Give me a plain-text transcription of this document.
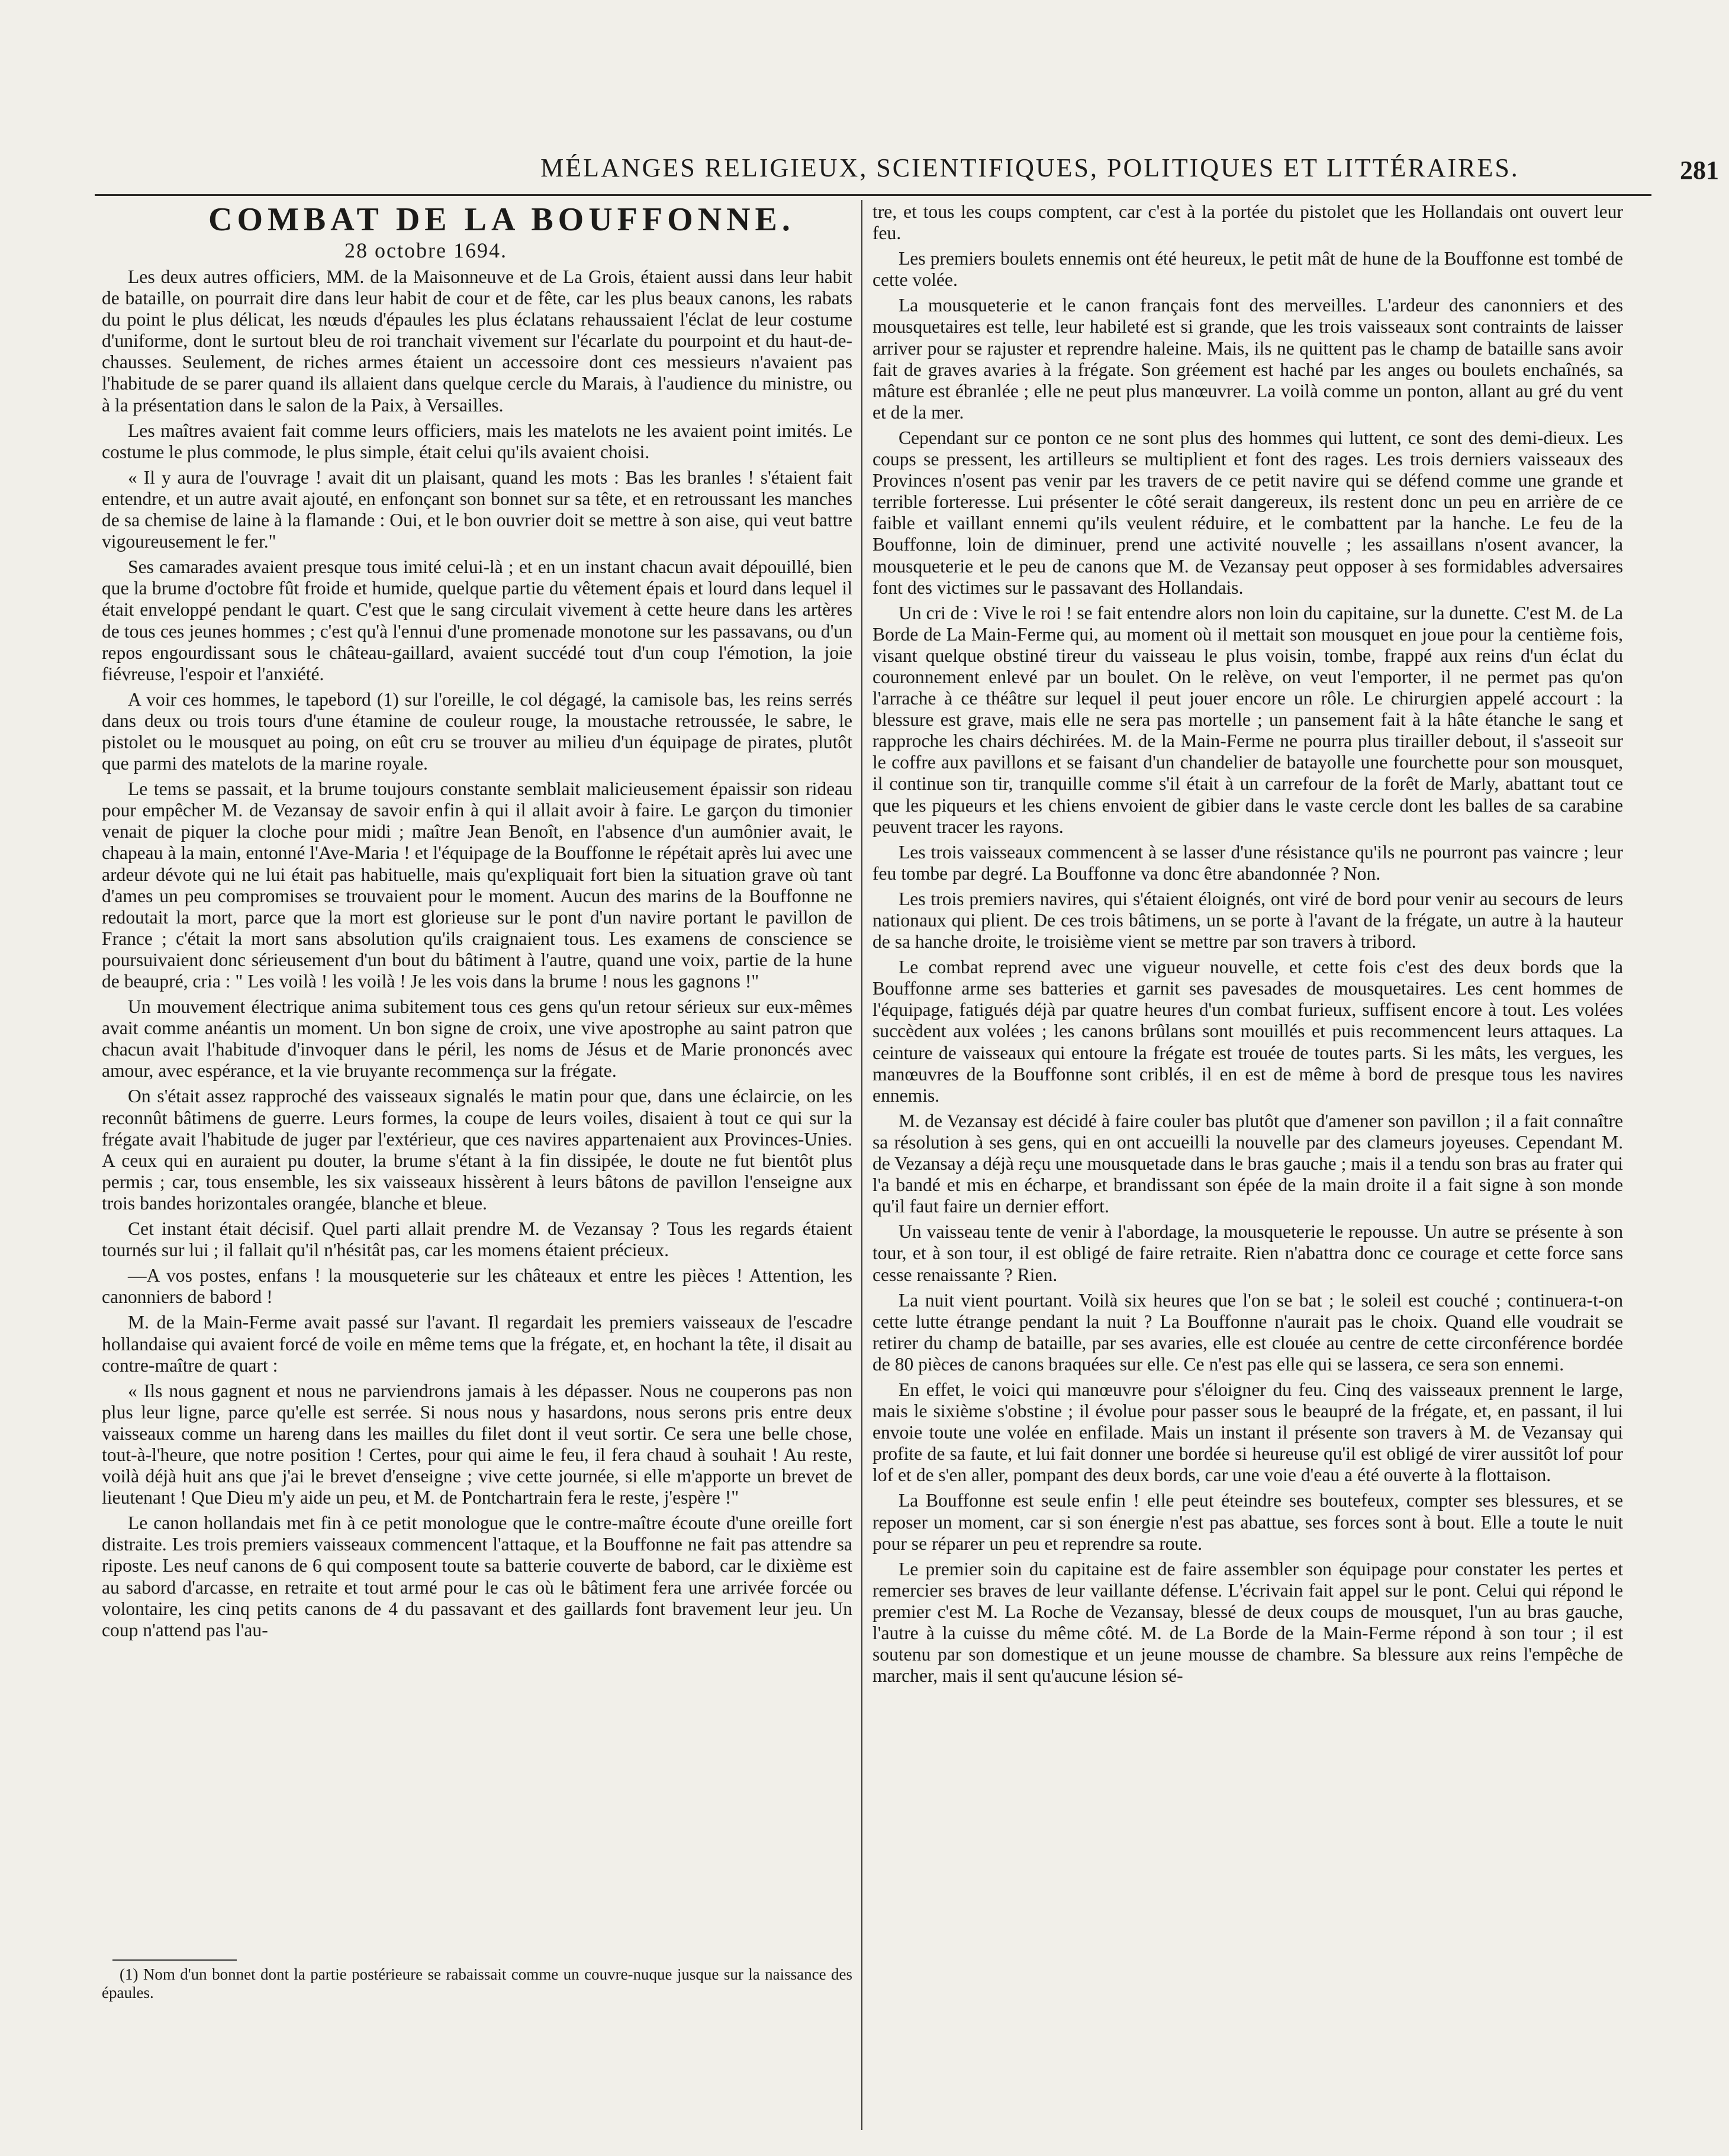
MÉLANGES RELIGIEUX, SCIENTIFIQUES, POLITIQUES ET LITTÉRAIRES.	281
COMBAT DE LA BOUFFONNE.
28 octobre 1694.

Les deux autres officiers, MM. de la Maisonneuve et de La Grois, étaient aussi dans leur habit de bataille, on pourrait dire dans leur habit de cour et de fête, car les plus beaux canons, les rabats du point le plus délicat, les nœuds d'épaules les plus éclatans rehaussaient l'éclat de leur costume d'uniforme, dont le surtout bleu de roi tranchait vivement sur l'écarlate du pourpoint et du haut-de-chausses. Seulement, de riches armes étaient un accessoire dont ces messieurs n'avaient pas l'habitude de se parer quand ils allaient dans quelque cercle du Marais, à l'audience du ministre, ou à la présentation dans le salon de la Paix, à Versailles.

Les maîtres avaient fait comme leurs officiers, mais les matelots ne les avaient point imités. Le costume le plus commode, le plus simple, était celui qu'ils avaient choisi.

« Il y aura de l'ouvrage ! avait dit un plaisant, quand les mots : Bas les branles ! s'étaient fait entendre, et un autre avait ajouté, en enfonçant son bonnet sur sa tête, et en retroussant les manches de sa chemise de laine à la flamande : Oui, et le bon ouvrier doit se mettre à son aise, qui veut battre vigoureusement le fer."

Ses camarades avaient presque tous imité celui-là ; et en un instant chacun avait dépouillé, bien que la brume d'octobre fût froide et humide, quelque partie du vêtement épais et lourd dans lequel il était enveloppé pendant le quart. C'est que le sang circulait vivement à cette heure dans les artères de tous ces jeunes hommes ; c'est qu'à l'ennui d'une promenade monotone sur les passavans, ou d'un repos engourdissant sous le château-gaillard, avaient succédé tout d'un coup l'émotion, la joie fiévreuse, l'espoir et l'anxiété.

A voir ces hommes, le tapebord (1) sur l'oreille, le col dégagé, la camisole bas, les reins serrés dans deux ou trois tours d'une étamine de couleur rouge, la moustache retroussée, le sabre, le pistolet ou le mousquet au poing, on eût cru se trouver au milieu d'un équipage de pirates, plutôt que parmi des matelots de la marine royale.

Le tems se passait, et la brume toujours constante semblait malicieusement épaissir son rideau pour empêcher M. de Vezansay de savoir enfin à qui il allait avoir à faire. Le garçon du timonier venait de piquer la cloche pour midi ; maître Jean Benoît, en l'absence d'un aumônier avait, le chapeau à la main, entonné l'Ave-Maria ! et l'équipage de la Bouffonne le répétait après lui avec une ardeur dévote qui ne lui était pas habituelle, mais qu'expliquait fort bien la situation grave où tant d'ames un peu compromises se trouvaient pour le moment. Aucun des marins de la Bouffonne ne redoutait la mort, parce que la mort est glorieuse sur le pont d'un navire portant le pavillon de France ; c'était la mort sans absolution qu'ils craignaient tous. Les examens de conscience se poursuivaient donc sérieusement d'un bout du bâtiment à l'autre, quand une voix, partie de la hune de beaupré, cria : " Les voilà ! les voilà ! Je les vois dans la brume ! nous les gagnons !"

Un mouvement électrique anima subitement tous ces gens qu'un retour sérieux sur eux-mêmes avait comme anéantis un moment. Un bon signe de croix, une vive apostrophe au saint patron que chacun avait l'habitude d'invoquer dans le péril, les noms de Jésus et de Marie prononcés avec amour, avec espérance, et la vie bruyante recommença sur la frégate.

On s'était assez rapproché des vaisseaux signalés le matin pour que, dans une éclaircie, on les reconnût bâtimens de guerre. Leurs formes, la coupe de leurs voiles, disaient à tout ce qui sur la frégate avait l'habitude de juger par l'extérieur, que ces navires appartenaient aux Provinces-Unies. A ceux qui en auraient pu douter, la brume s'étant à la fin dissipée, le doute ne fut bientôt plus permis ; car, tous ensemble, les six vaisseaux hissèrent à leurs bâtons de pavillon l'enseigne aux trois bandes horizontales orangée, blanche et bleue.

Cet instant était décisif. Quel parti allait prendre M. de Vezansay ? Tous les regards étaient tournés sur lui ; il fallait qu'il n'hésitât pas, car les momens étaient précieux.

—A vos postes, enfans ! la mousqueterie sur les châteaux et entre les pièces ! Attention, les canonniers de babord !

M. de la Main-Ferme avait passé sur l'avant. Il regardait les premiers vaisseaux de l'escadre hollandaise qui avaient forcé de voile en même tems que la frégate, et, en hochant la tête, il disait au contre-maître de quart :

« Ils nous gagnent et nous ne parviendrons jamais à les dépasser. Nous ne couperons pas non plus leur ligne, parce qu'elle est serrée. Si nous nous y hasardons, nous serons pris entre deux vaisseaux comme un hareng dans les mailles du filet dont il veut sortir. Ce sera une belle chose, tout-à-l'heure, que notre position ! Certes, pour qui aime le feu, il fera chaud à souhait ! Au reste, voilà déjà huit ans que j'ai le brevet d'enseigne ; vive cette journée, si elle m'apporte un brevet de lieutenant ! Que Dieu m'y aide un peu, et M. de Pontchartrain fera le reste, j'espère !"

Le canon hollandais met fin à ce petit monologue que le contre-maître écoute d'une oreille fort distraite. Les trois premiers vaisseaux commencent l'attaque, et la Bouffonne ne fait pas attendre sa riposte. Les neuf canons de 6 qui composent toute sa batterie couverte de babord, car le dixième est au sabord d'arcasse, en retraite et tout armé pour le cas où le bâtiment fera une arrivée forcée ou volontaire, les cinq petits canons de 4 du passavant et des gaillards font bravement leur jeu. Un coup n'attend pas l'au-

tre, et tous les coups comptent, car c'est à la portée du pistolet que les Hollandais ont ouvert leur feu.

Les premiers boulets ennemis ont été heureux, le petit mât de hune de la Bouffonne est tombé de cette volée.

La mousqueterie et le canon français font des merveilles. L'ardeur des canonniers et des mousquetaires est telle, leur habileté est si grande, que les trois vaisseaux sont contraints de laisser arriver pour se rajuster et reprendre haleine. Mais, ils ne quittent pas le champ de bataille sans avoir fait de graves avaries à la frégate. Son gréement est haché par les anges ou boulets enchaînés, sa mâture est ébranlée ; elle ne peut plus manœuvrer. La voilà comme un ponton, allant au gré du vent et de la mer.

Cependant sur ce ponton ce ne sont plus des hommes qui luttent, ce sont des demi-dieux. Les coups se pressent, les artilleurs se multiplient et font des rages. Les trois derniers vaisseaux des Provinces n'osent pas venir par les travers de ce petit navire qui se défend comme une grande et terrible forteresse. Lui présenter le côté serait dangereux, ils restent donc un peu en arrière de ce faible et vaillant ennemi qu'ils veulent réduire, et le combattent par la hanche. Le feu de la Bouffonne, loin de diminuer, prend une activité nouvelle ; les assaillans n'osent avancer, la mousqueterie et le peu de canons que M. de Vezansay peut opposer à ses formidables adversaires font des victimes sur le passavant des Hollandais.

Un cri de : Vive le roi ! se fait entendre alors non loin du capitaine, sur la dunette. C'est M. de La Borde de La Main-Ferme qui, au moment où il mettait son mousquet en joue pour la centième fois, visant quelque obstiné tireur du vaisseau le plus voisin, tombe, frappé aux reins d'un éclat du couronnement enlevé par un boulet. On le relève, on veut l'emporter, il ne permet pas qu'on l'arrache à ce théâtre sur lequel il peut jouer encore un rôle. Le chirurgien appelé accourt : la blessure est grave, mais elle ne sera pas mortelle ; un pansement fait à la hâte étanche le sang et rapproche les chairs déchirées. M. de la Main-Ferme ne pourra plus tirailler debout, il s'asseoit sur le coffre aux pavillons et se faisant d'un chandelier de batayolle une fourchette pour son mousquet, il continue son tir, tranquille comme s'il était à un carrefour de la forêt de Marly, abattant tout ce que les piqueurs et les chiens envoient de gibier dans le vaste cercle dont les balles de sa carabine peuvent tracer les rayons.

Les trois vaisseaux commencent à se lasser d'une résistance qu'ils ne pourront pas vaincre ; leur feu tombe par degré. La Bouffonne va donc être abandonnée ? Non.

Les trois premiers navires, qui s'étaient éloignés, ont viré de bord pour venir au secours de leurs nationaux qui plient. De ces trois bâtimens, un se porte à l'avant de la frégate, un autre à la hauteur de sa hanche droite, le troisième vient se mettre par son travers à tribord.

Le combat reprend avec une vigueur nouvelle, et cette fois c'est des deux bords que la Bouffonne arme ses batteries et garnit ses pavesades de mousquetaires. Les cent hommes de l'équipage, fatigués déjà par quatre heures d'un combat furieux, suffisent encore à tout. Les volées succèdent aux volées ; les canons brûlans sont mouillés et puis recommencent leurs attaques. La ceinture de vaisseaux qui entoure la frégate est trouée de toutes parts. Si les mâts, les vergues, les manœuvres de la Bouffonne sont criblés, il en est de même à bord de presque tous les navires ennemis.

M. de Vezansay est décidé à faire couler bas plutôt que d'amener son pavillon ; il a fait connaître sa résolution à ses gens, qui en ont accueilli la nouvelle par des clameurs joyeuses. Cependant M. de Vezansay a déjà reçu une mousquetade dans le bras gauche ; mais il a tendu son bras au frater qui l'a bandé et mis en écharpe, et brandissant son épée de la main droite il a fait signe à son monde qu'il faut faire un dernier effort.

Un vaisseau tente de venir à l'abordage, la mousqueterie le repousse. Un autre se présente à son tour, et à son tour, il est obligé de faire retraite. Rien n'abattra donc ce courage et cette force sans cesse renaissante ? Rien.

La nuit vient pourtant. Voilà six heures que l'on se bat ; le soleil est couché ; continuera-t-on cette lutte étrange pendant la nuit ? La Bouffonne n'aurait pas le choix. Quand elle voudrait se retirer du champ de bataille, par ses avaries, elle est clouée au centre de cette circonférence bordée de 80 pièces de canons braquées sur elle. Ce n'est pas elle qui se lassera, ce sera son ennemi.

En effet, le voici qui manœuvre pour s'éloigner du feu. Cinq des vaisseaux prennent le large, mais le sixième s'obstine ; il évolue pour passer sous le beaupré de la frégate, et, en passant, il lui envoie toute une volée en enfilade. Mais un instant il présente son travers à M. de Vezansay qui profite de sa faute, et lui fait donner une bordée si heureuse qu'il est obligé de virer aussitôt lof pour lof et de s'en aller, pompant des deux bords, car une voie d'eau a été ouverte à la flottaison.

La Bouffonne est seule enfin ! elle peut éteindre ses boutefeux, compter ses blessures, et se reposer un moment, car si son énergie n'est pas abattue, ses forces sont à bout. Elle a toute le nuit pour se réparer un peu et reprendre sa route.

Le premier soin du capitaine est de faire assembler son équipage pour constater les pertes et remercier ses braves de leur vaillante défense. L'écrivain fait appel sur le pont. Celui qui répond le premier c'est M. La Roche de Vezansay, blessé de deux coups de mousquet, l'un au bras gauche, l'autre à la cuisse du même côté. M. de La Borde de la Main-Ferme répond à son tour ; il est soutenu par son domestique et un jeune mousse de chambre. Sa blessure aux reins l'empêche de marcher, mais il sent qu'aucune lésion sé-

(1) Nom d'un bonnet dont la partie postérieure se rabaissait comme un couvre-nuque jusque sur la naissance des épaules.
